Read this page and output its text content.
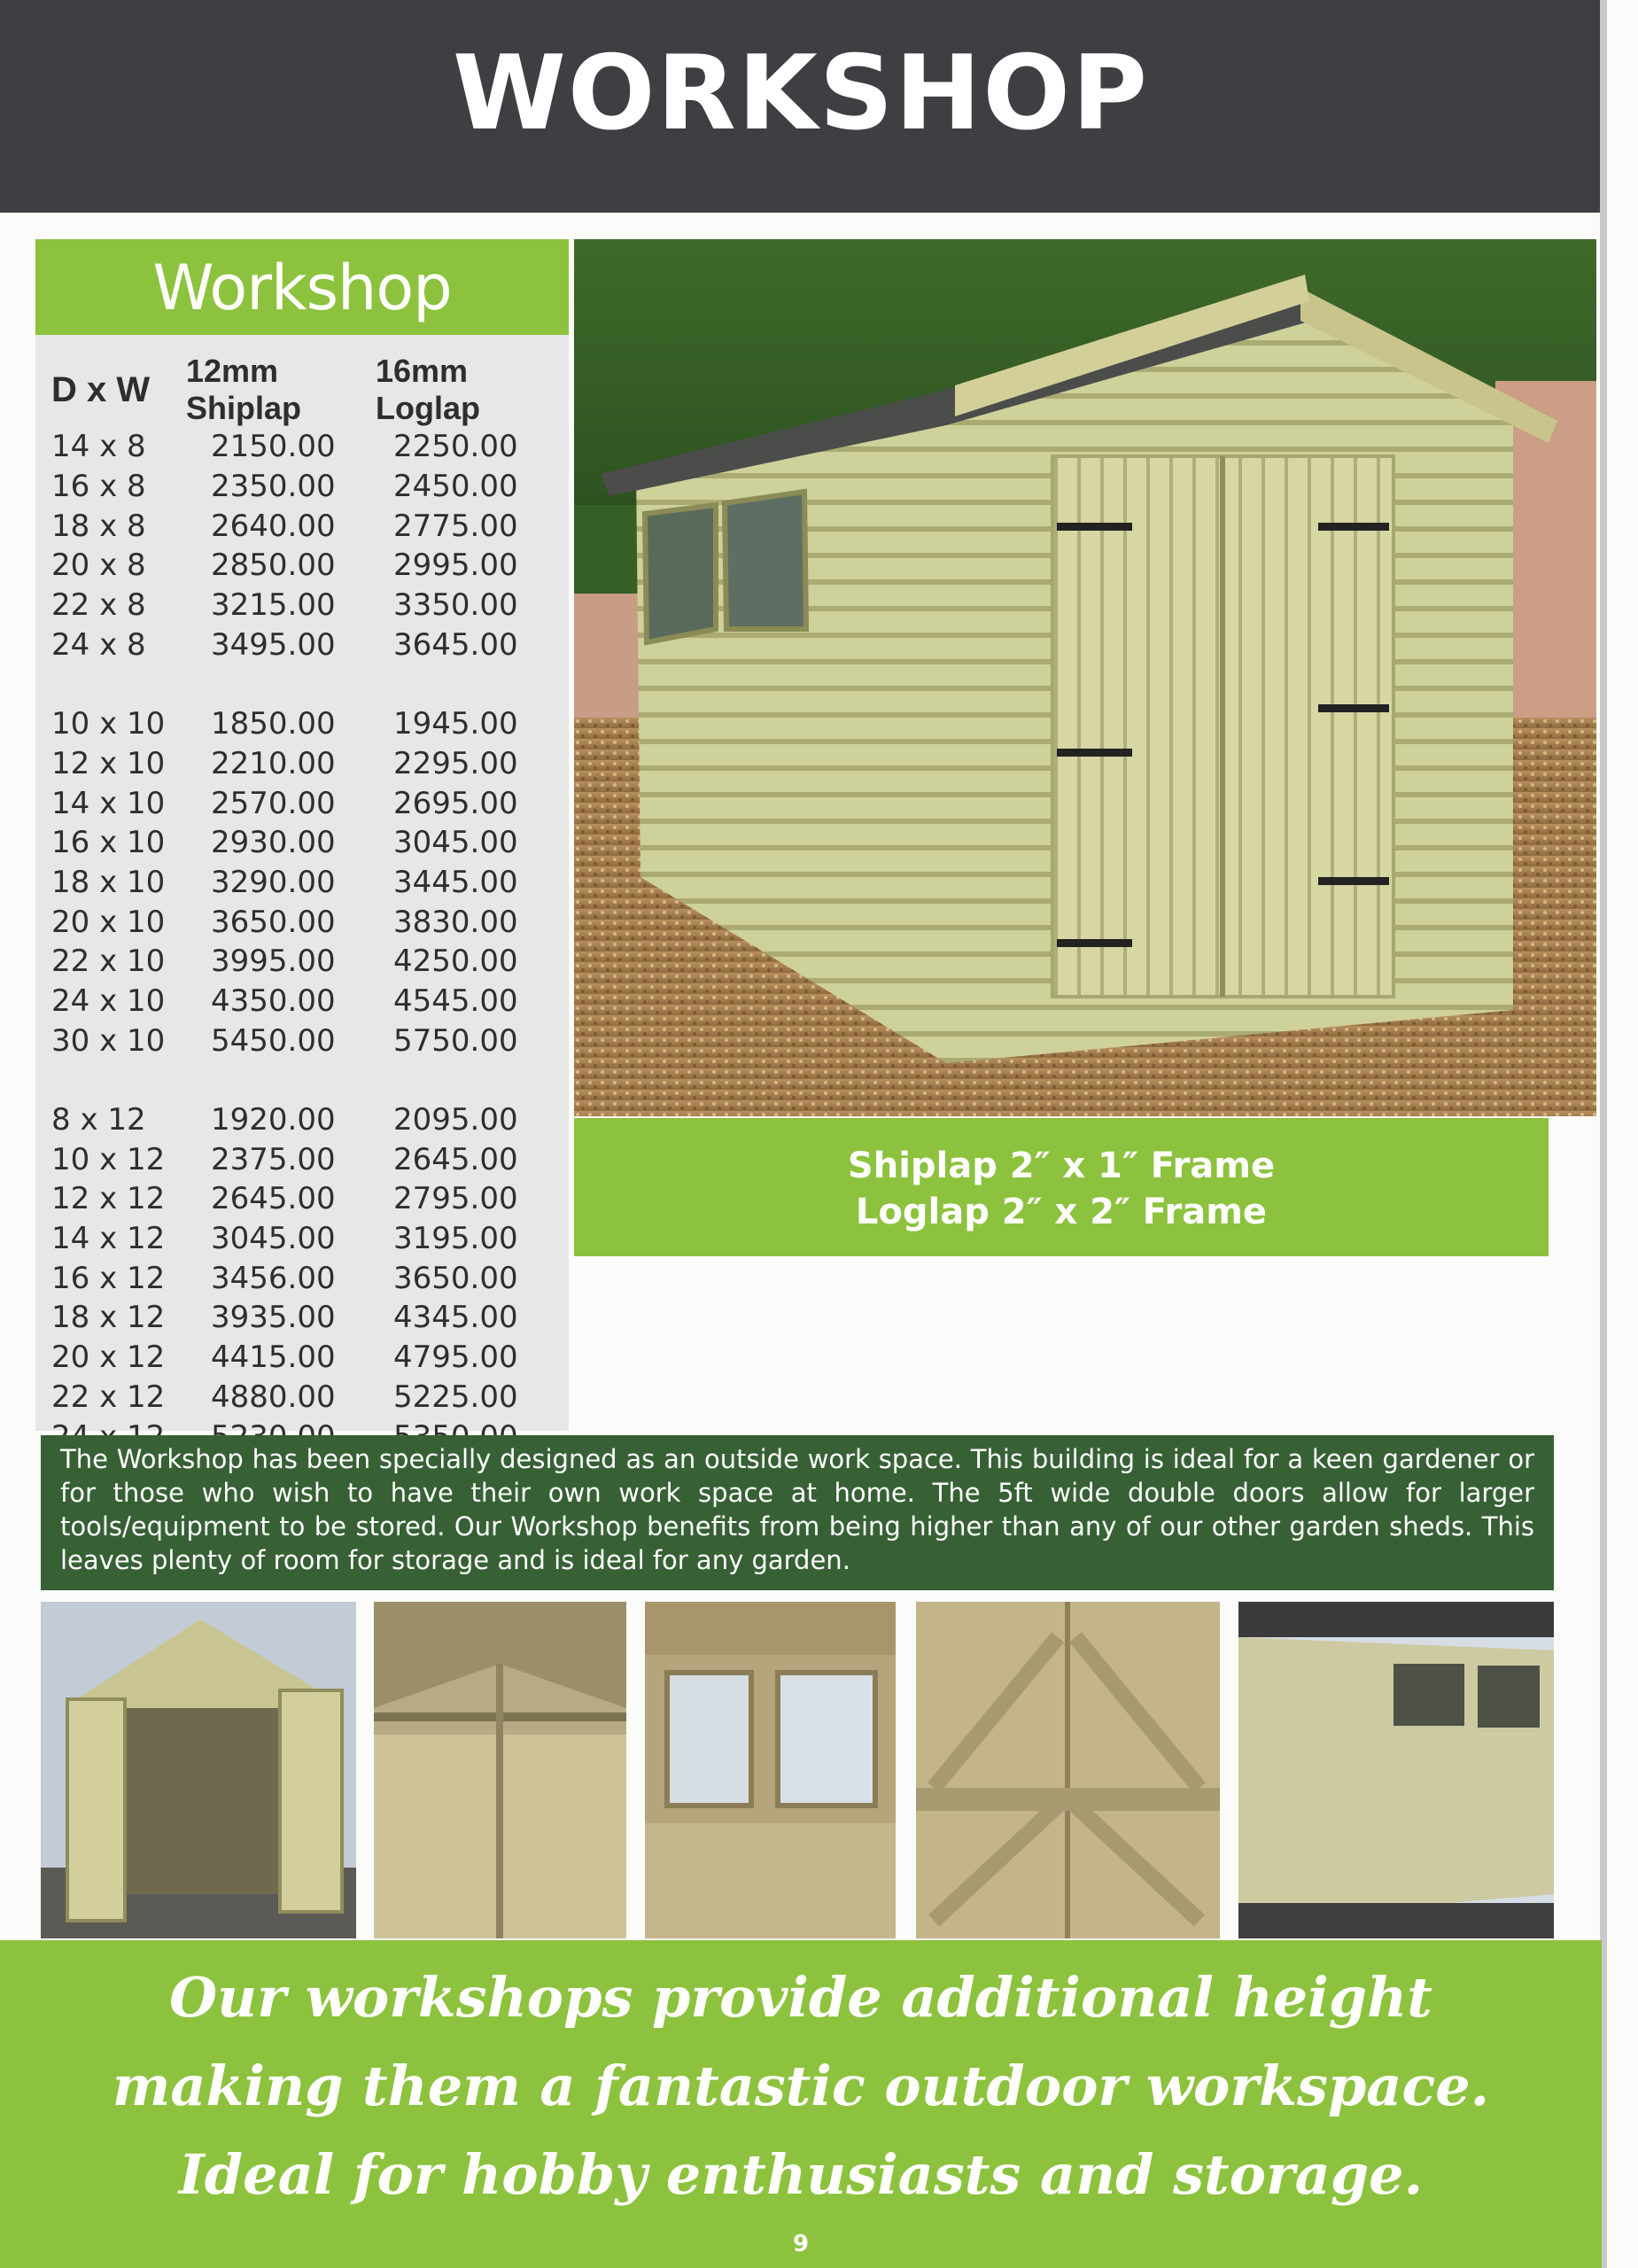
WORKSHOP
Workshop
D x W	12mm Shiplap	16mm Loglap
14 x 8	2150.00	2250.00
16 x 8	2350.00	2450.00
18 x 8	2640.00	2775.00
20 x 8	2850.00	2995.00
22 x 8	3215.00	3350.00
24 x 8	3495.00	3645.00

10 x 10	1850.00	1945.00
12 x 10	2210.00	2295.00
14 x 10	2570.00	2695.00
16 x 10	2930.00	3045.00
18 x 10	3290.00	3445.00
20 x 10	3650.00	3830.00
22 x 10	3995.00	4250.00
24 x 10	4350.00	4545.00
30 x 10	5450.00	5750.00

8 x 12	1920.00	2095.00
10 x 12	2375.00	2645.00
12 x 12	2645.00	2795.00
14 x 12	3045.00	3195.00
16 x 12	3456.00	3650.00
18 x 12	3935.00	4345.00
20 x 12	4415.00	4795.00
22 x 12	4880.00	5225.00

Shiplap 2″ x 1″ Frame
Loglap 2″ x 2″ Frame

The Workshop has been specially designed as an outside work space. This building is ideal for a keen gardener or for those who wish to have their own work space at home. The 5ft wide double doors allow for larger tools/equipment to be stored. Our Workshop benefits from being higher than any of our other garden sheds. This leaves plenty of room for storage and is ideal for any garden.

Our workshops provide additional height
making them a fantastic outdoor workspace.
Ideal for hobby enthusiasts and storage.
9
